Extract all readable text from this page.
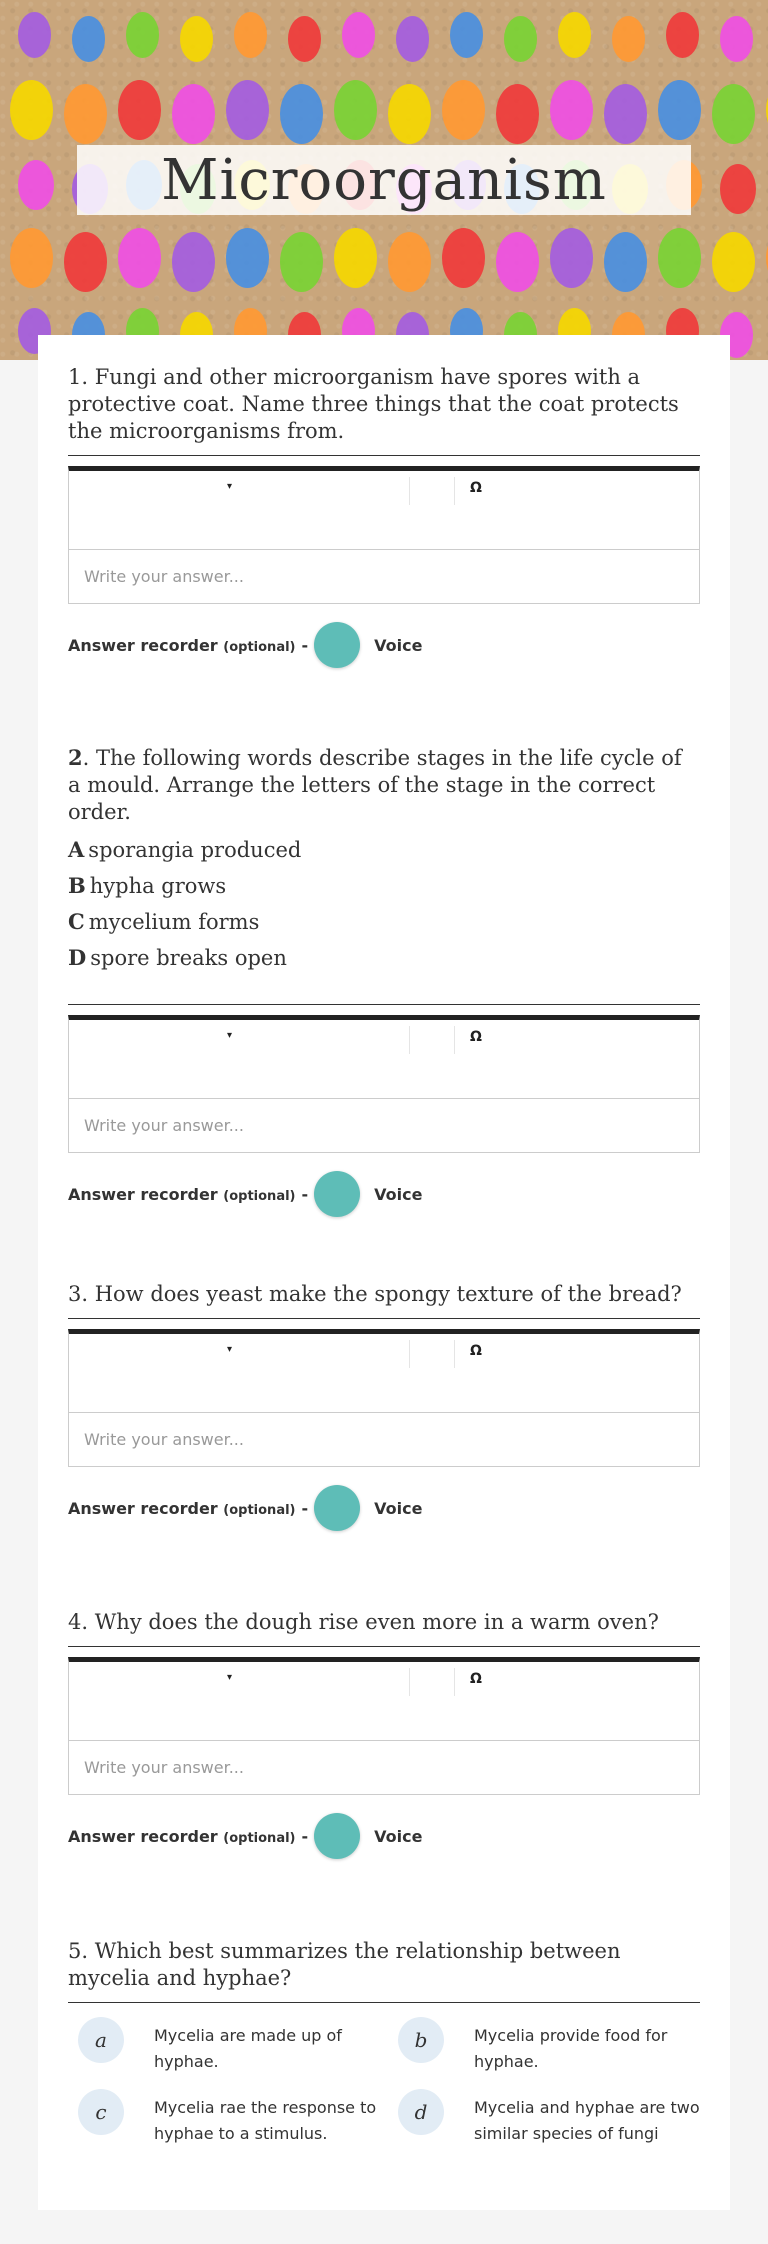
Microorganism
1. Fungi and other microorganism have spores with a protective coat. Name three things that the coat protects the microorganisms from.
▾	Ω
Write your answer...
Answer recorder (optional) -	Voice
2. The following words describe stages in the life cycle of a mould. Arrange the letters of the stage in the correct order.
A sporangia produced
B hypha grows
C mycelium forms
D spore breaks open
▾	Ω
Write your answer...
Answer recorder (optional) -	Voice
3. How does yeast make the spongy texture of the bread?
▾	Ω
Write your answer...
Answer recorder (optional) -	Voice
4. Why does the dough rise even more in a warm oven?
▾	Ω
Write your answer...
Answer recorder (optional) -	Voice
5. Which best summarizes the relationship between mycelia and hyphae?
a	Mycelia are made up of hyphae.
b	Mycelia provide food for hyphae.
c	Mycelia rae the response to hyphae to a stimulus.
d	Mycelia and hyphae are two similar species of fungi
